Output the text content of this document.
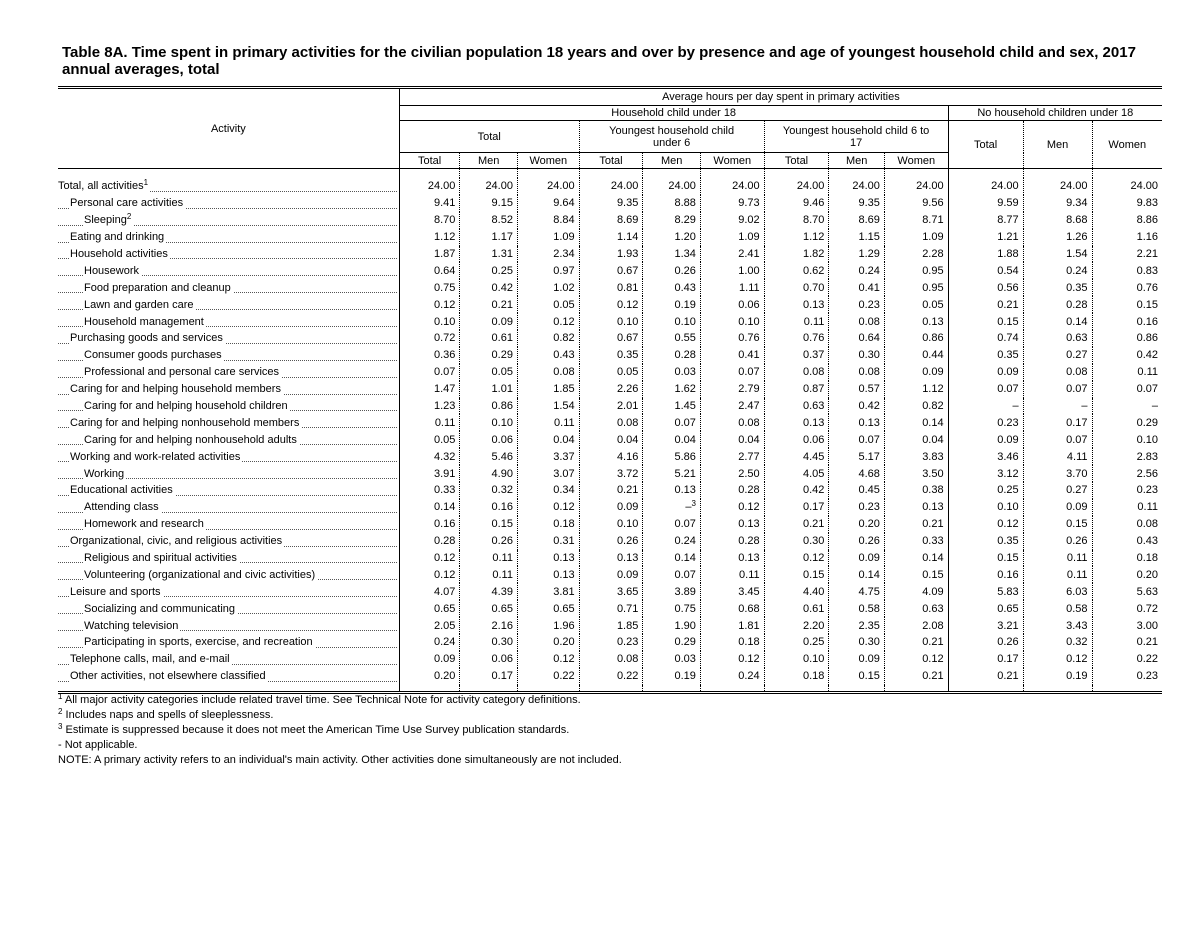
Table 8A. Time spent in primary activities for the civilian population 18 years and over by presence and age of youngest household child and sex, 2017 annual averages, total

Activity	Average hours per day spent in primary activities											
	Household child under 18									No household children under 18		
	Total			Youngest household child under 6			Youngest household child 6 to 17			Total	Men	Women
	Total	Men	Women	Total	Men	Women	Total	Men	Women			

Total, all activities$^1$	24.00	24.00	24.00	24.00	24.00	24.00	24.00	24.00	24.00	24.00	24.00	24.00

Personal care activities	9.41	9.15	9.64	9.35	8.88	9.73	9.46	9.35	9.56	9.59	9.34	9.83

Sleeping$^2$	8.70	8.52	8.84	8.69	8.29	9.02	8.70	8.69	8.71	8.77	8.68	8.86

Eating and drinking	1.12	1.17	1.09	1.14	1.20	1.09	1.12	1.15	1.09	1.21	1.26	1.16

Household activities	1.87	1.31	2.34	1.93	1.34	2.41	1.82	1.29	2.28	1.88	1.54	2.21

Housework	0.64	0.25	0.97	0.67	0.26	1.00	0.62	0.24	0.95	0.54	0.24	0.83

Food preparation and cleanup	0.75	0.42	1.02	0.81	0.43	1.11	0.70	0.41	0.95	0.56	0.35	0.76

Lawn and garden care	0.12	0.21	0.05	0.12	0.19	0.06	0.13	0.23	0.05	0.21	0.28	0.15

Household management	0.10	0.09	0.12	0.10	0.10	0.10	0.11	0.08	0.13	0.15	0.14	0.16

Purchasing goods and services	0.72	0.61	0.82	0.67	0.55	0.76	0.76	0.64	0.86	0.74	0.63	0.86

Consumer goods purchases	0.36	0.29	0.43	0.35	0.28	0.41	0.37	0.30	0.44	0.35	0.27	0.42

Professional and personal care services	0.07	0.05	0.08	0.05	0.03	0.07	0.08	0.08	0.09	0.09	0.08	0.11

Caring for and helping household members	1.47	1.01	1.85	2.26	1.62	2.79	0.87	0.57	1.12	0.07	0.07	0.07

Caring for and helping household children	1.23	0.86	1.54	2.01	1.45	2.47	0.63	0.42	0.82	–	–	–

Caring for and helping nonhousehold members	0.11	0.10	0.11	0.08	0.07	0.08	0.13	0.13	0.14	0.23	0.17	0.29

Caring for and helping nonhousehold adults	0.05	0.06	0.04	0.04	0.04	0.04	0.06	0.07	0.04	0.09	0.07	0.10

Working and work-related activities	4.32	5.46	3.37	4.16	5.86	2.77	4.45	5.17	3.83	3.46	4.11	2.83

Working	3.91	4.90	3.07	3.72	5.21	2.50	4.05	4.68	3.50	3.12	3.70	2.56

Educational activities	0.33	0.32	0.34	0.21	0.13	0.28	0.42	0.45	0.38	0.25	0.27	0.23

Attending class	0.14	0.16	0.12	0.09	–$^3$	0.12	0.17	0.23	0.13	0.10	0.09	0.11

Homework and research	0.16	0.15	0.18	0.10	0.07	0.13	0.21	0.20	0.21	0.12	0.15	0.08

Organizational, civic, and religious activities	0.28	0.26	0.31	0.26	0.24	0.28	0.30	0.26	0.33	0.35	0.26	0.43

Religious and spiritual activities	0.12	0.11	0.13	0.13	0.14	0.13	0.12	0.09	0.14	0.15	0.11	0.18

Volunteering (organizational and civic activities)	0.12	0.11	0.13	0.09	0.07	0.11	0.15	0.14	0.15	0.16	0.11	0.20

Leisure and sports	4.07	4.39	3.81	3.65	3.89	3.45	4.40	4.75	4.09	5.83	6.03	5.63

Socializing and communicating	0.65	0.65	0.65	0.71	0.75	0.68	0.61	0.58	0.63	0.65	0.58	0.72

Watching television	2.05	2.16	1.96	1.85	1.90	1.81	2.20	2.35	2.08	3.21	3.43	3.00

Participating in sports, exercise, and recreation	0.24	0.30	0.20	0.23	0.29	0.18	0.25	0.30	0.21	0.26	0.32	0.21

Telephone calls, mail, and e-mail	0.09	0.06	0.12	0.08	0.03	0.12	0.10	0.09	0.12	0.17	0.12	0.22

Other activities, not elsewhere classified	0.20	0.17	0.22	0.22	0.19	0.24	0.18	0.15	0.21	0.21	0.19	0.23

$^1$ All major activity categories include related travel time. See Technical Note for activity category definitions.
$^2$ Includes naps and spells of sleeplessness.
$^3$ Estimate is suppressed because it does not meet the American Time Use Survey publication standards.
- Not applicable.
NOTE: A primary activity refers to an individual's main activity. Other activities done simultaneously are not included.
